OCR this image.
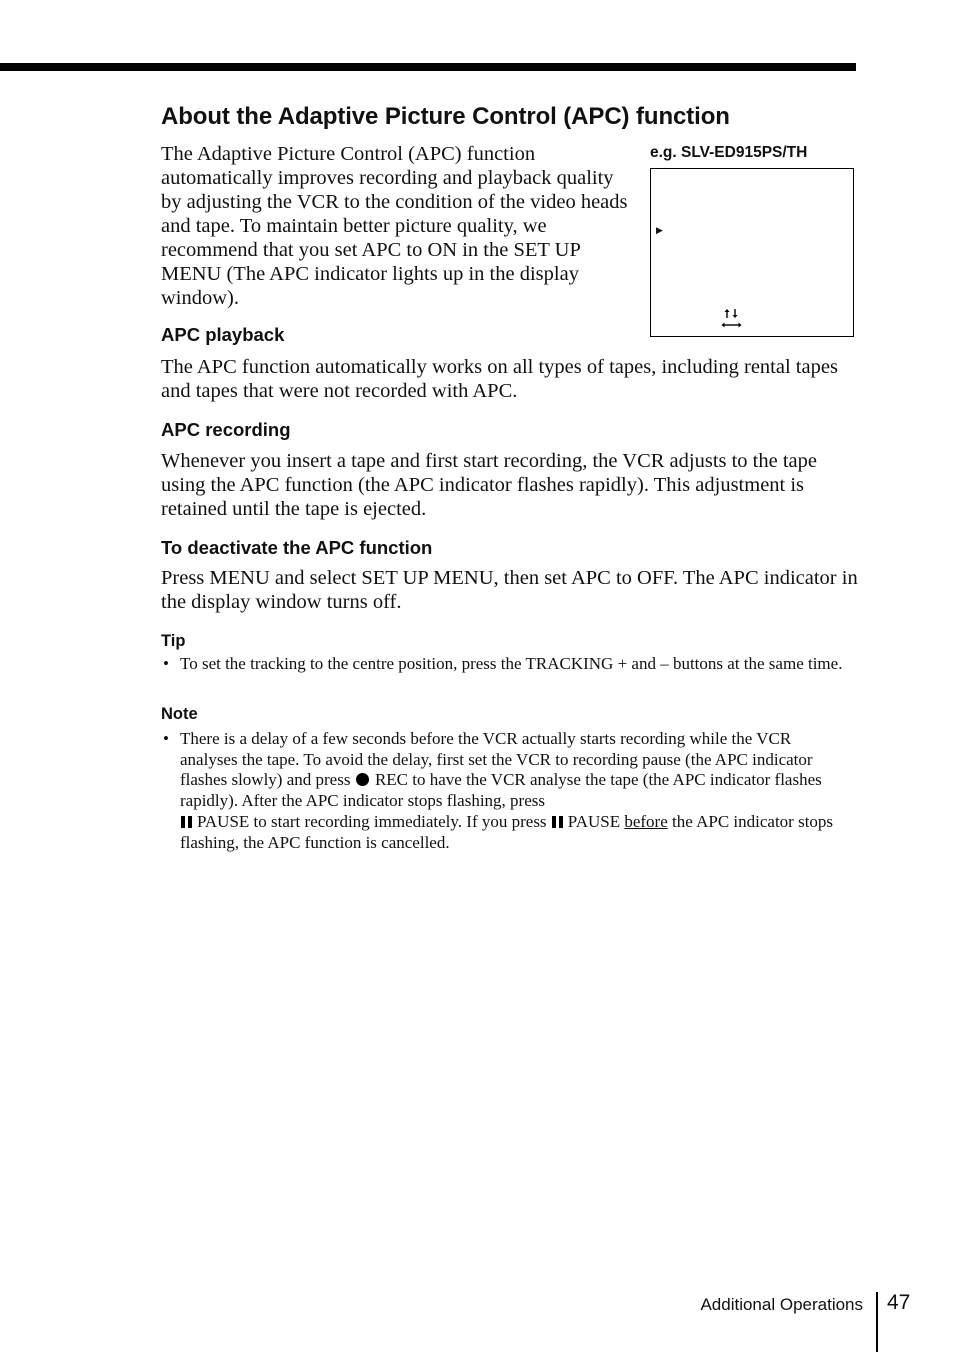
About the Adaptive Picture Control (APC) function

The Adaptive Picture Control (APC) function automatically improves recording and playback quality by adjusting the VCR to the condition of the video heads and tape. To maintain better picture quality, we recommend that you set APC to ON in the SET UP MENU (The APC indicator lights up in the display window).

e.g. SLV-ED915PS/TH
▶
APC playback

The APC function automatically works on all types of tapes, including rental tapes and tapes that were not recorded with APC.

APC recording

Whenever you insert a tape and first start recording, the VCR adjusts to the tape using the APC function (the APC indicator flashes rapidly). This adjustment is retained until the tape is ejected.

To deactivate the APC function

Press MENU and select SET UP MENU, then set APC to OFF. The APC indicator in the display window turns off.

Tip

• To set the tracking to the centre position, press the TRACKING + and – buttons at the same time.

Note

• There is a delay of a few seconds before the VCR actually starts recording while the VCR analyses the tape. To avoid the delay, first set the VCR to recording pause (the APC indicator flashes slowly) and press REC to have the VCR analyse the tape (the APC indicator flashes rapidly). After the APC indicator stops flashing, press

PAUSE to start recording immediately. If you press PAUSE before the APC indicator stops flashing, the APC function is cancelled.

Additional Operations 47
